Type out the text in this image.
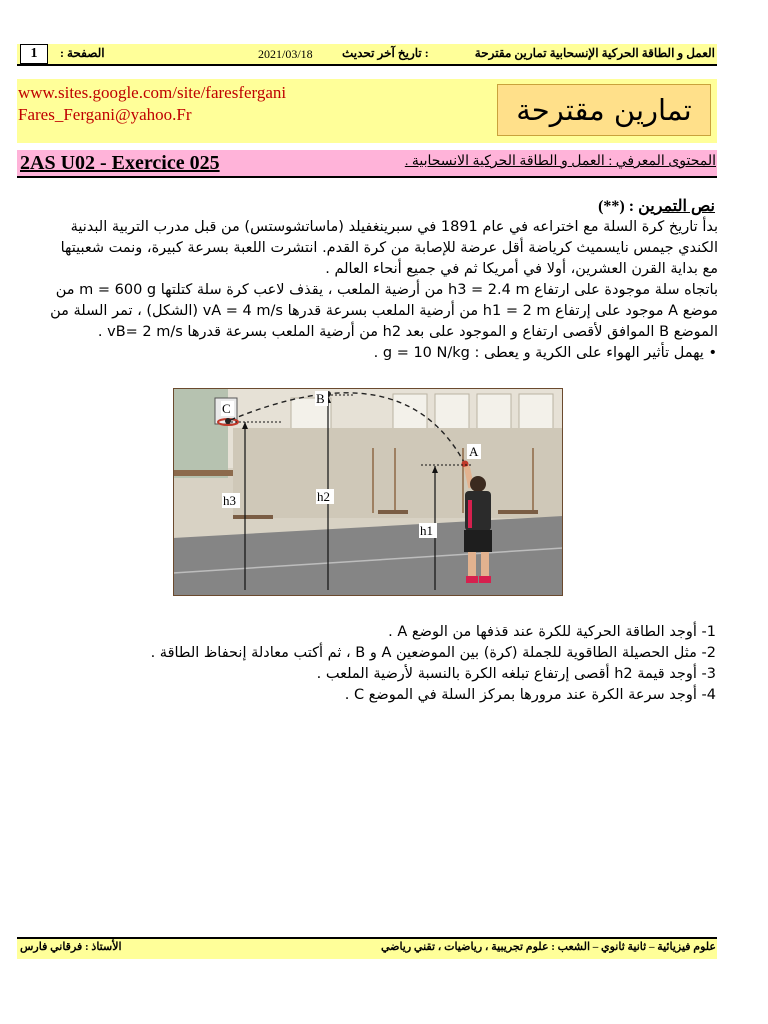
1	الصفحة :	2021/03/18 : تاريخ آخر تحديث	العمل و الطاقة الحركية الإنسحابية تمارين مقترحة
www.sites.google.com/site/faresfergani
Fares_Fergani@yahoo.Fr	تمارين مقترحة
2AS U02 - Exercice 025	المحتوى المعرفي : العمل و الطاقة الحركية الانسحابية .
نص التمرين : (**)

بدأ تاريخ كرة السلة مع اختراعه في عام 1891 في سبرينغفيلد (ماساتشوستس) من قبل مدرب التربية البدنية

الكندي جيمس نايسميث كرياضة أقل عرضة للإصابة من كرة القدم. انتشرت اللعبة بسرعة كبيرة، ونمت شعبيتها

مع بداية القرن العشرين، أولا في أمريكا ثم في جميع أنحاء العالم .

باتجاه سلة موجودة على ارتفاع h3 = 2.4 m من أرضية الملعب ، يقذف لاعب كرة سلة كتلتها m = 600 g من

موضع A موجود على إرتفاع h1 = 2 m من أرضية الملعب بسرعة قدرها vA = 4 m/s (الشكل) ، تمر السلة من

الموضع B الموافق لأقصى ارتفاع و الموجود على بعد h2 من أرضية الملعب بسرعة قدرها vB= 2 m/s .

• يهمل تأثير الهواء على الكرية و يعطى : g = 10 N/kg .
C
B
A
h3	h2
h1
1- أوجد الطاقة الحركية للكرة عند قذفها من الوضع A .
2- مثل الحصيلة الطاقوية للجملة (كرة) بين الموضعين A و B ، ثم أكتب معادلة إنحفاظ الطاقة .
3- أوجد قيمة h2 أقصى إرتفاع تبلغه الكرة بالنسبة لأرضية الملعب .
4- أوجد سرعة الكرة عند مرورها بمركز السلة في الموضع C .
الأستاذ : فرقاني فارس	علوم فيزيائية – ثانية ثانوي – الشعب : علوم تجريبية ، رياضيات ، تقني رياضي
